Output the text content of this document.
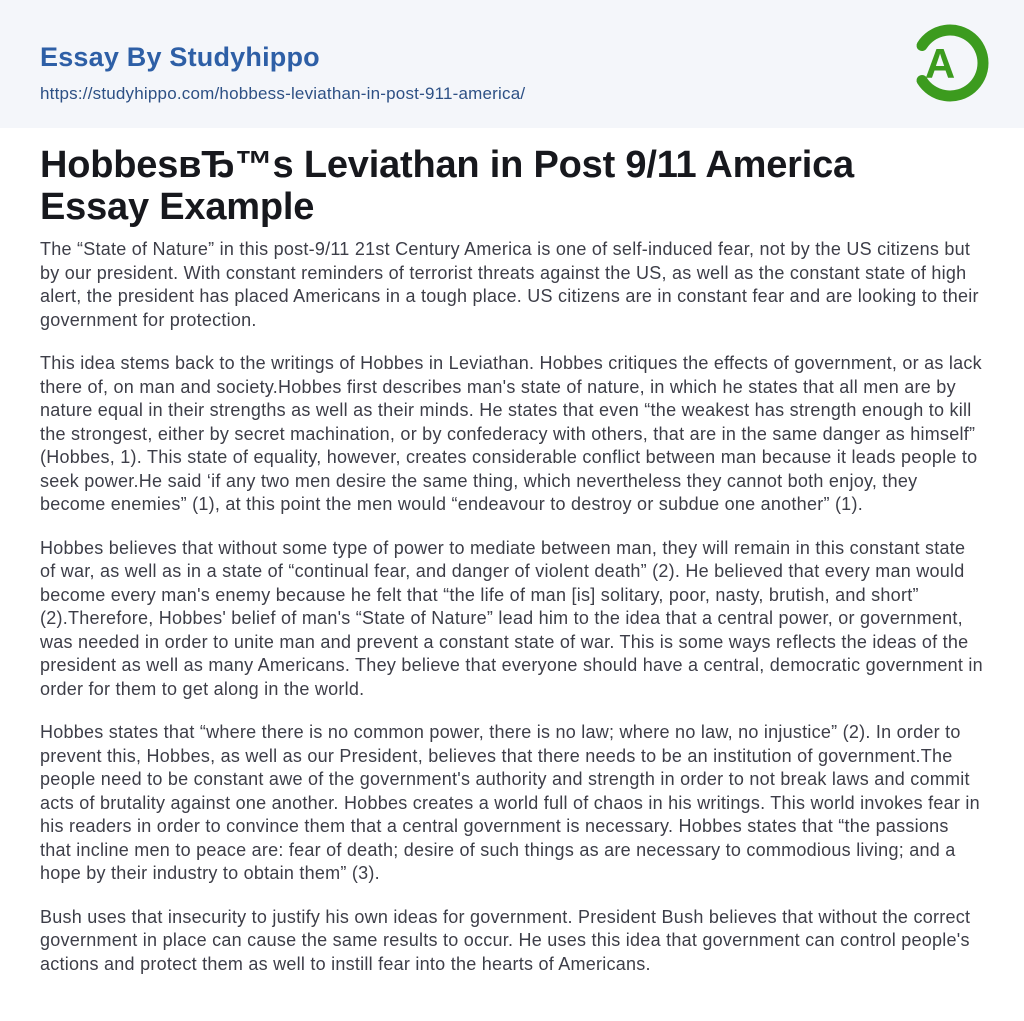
Essay By Studyhippo
https://studyhippo.com/hobbess-leviathan-in-post-911-america/
A
HobbesвЂ™s Leviathan in Post 9/11 America Essay Example

The “State of Nature” in this post-9/11 21st Century America is one of self-induced fear, not by the US citizens but by our president. With constant reminders of terrorist threats against the US, as well as the constant state of high alert, the president has placed Americans in a tough place. US citizens are in constant fear and are looking to their government for protection.

This idea stems back to the writings of Hobbes in Leviathan. Hobbes critiques the effects of government, or as lack there of, on man and society.Hobbes first describes man's state of nature, in which he states that all men are by nature equal in their strengths as well as their minds. He states that even “the weakest has strength enough to kill the strongest, either by secret machination, or by confederacy with others, that are in the same danger as himself” (Hobbes, 1). This state of equality, however, creates considerable conflict between man because it leads people to seek power.He said ‘if any two men desire the same thing, which nevertheless they cannot both enjoy, they become enemies” (1), at this point the men would “endeavour to destroy or subdue one another” (1).

Hobbes believes that without some type of power to mediate between man, they will remain in this constant state of war, as well as in a state of “continual fear, and danger of violent death” (2). He believed that every man would become every man's enemy because he felt that “the life of man [is] solitary, poor, nasty, brutish, and short” (2).Therefore, Hobbes' belief of man's “State of Nature” lead him to the idea that a central power, or government, was needed in order to unite man and prevent a constant state of war. This is some ways reflects the ideas of the president as well as many Americans. They believe that everyone should have a central, democratic government in order for them to get along in the world.

Hobbes states that “where there is no common power, there is no law; where no law, no injustice” (2). In order to prevent this, Hobbes, as well as our President, believes that there needs to be an institution of government.The people need to be constant awe of the government's authority and strength in order to not break laws and commit acts of brutality against one another. Hobbes creates a world full of chaos in his writings. This world invokes fear in his readers in order to convince them that a central government is necessary. Hobbes states that “the passions that incline men to peace are: fear of death; desire of such things as are necessary to commodious living; and a hope by their industry to obtain them” (3).

Bush uses that insecurity to justify his own ideas for government. President Bush believes that without the correct government in place can cause the same results to occur. He uses this idea that government can control people's actions and protect them as well to instill fear into the hearts of Americans.
